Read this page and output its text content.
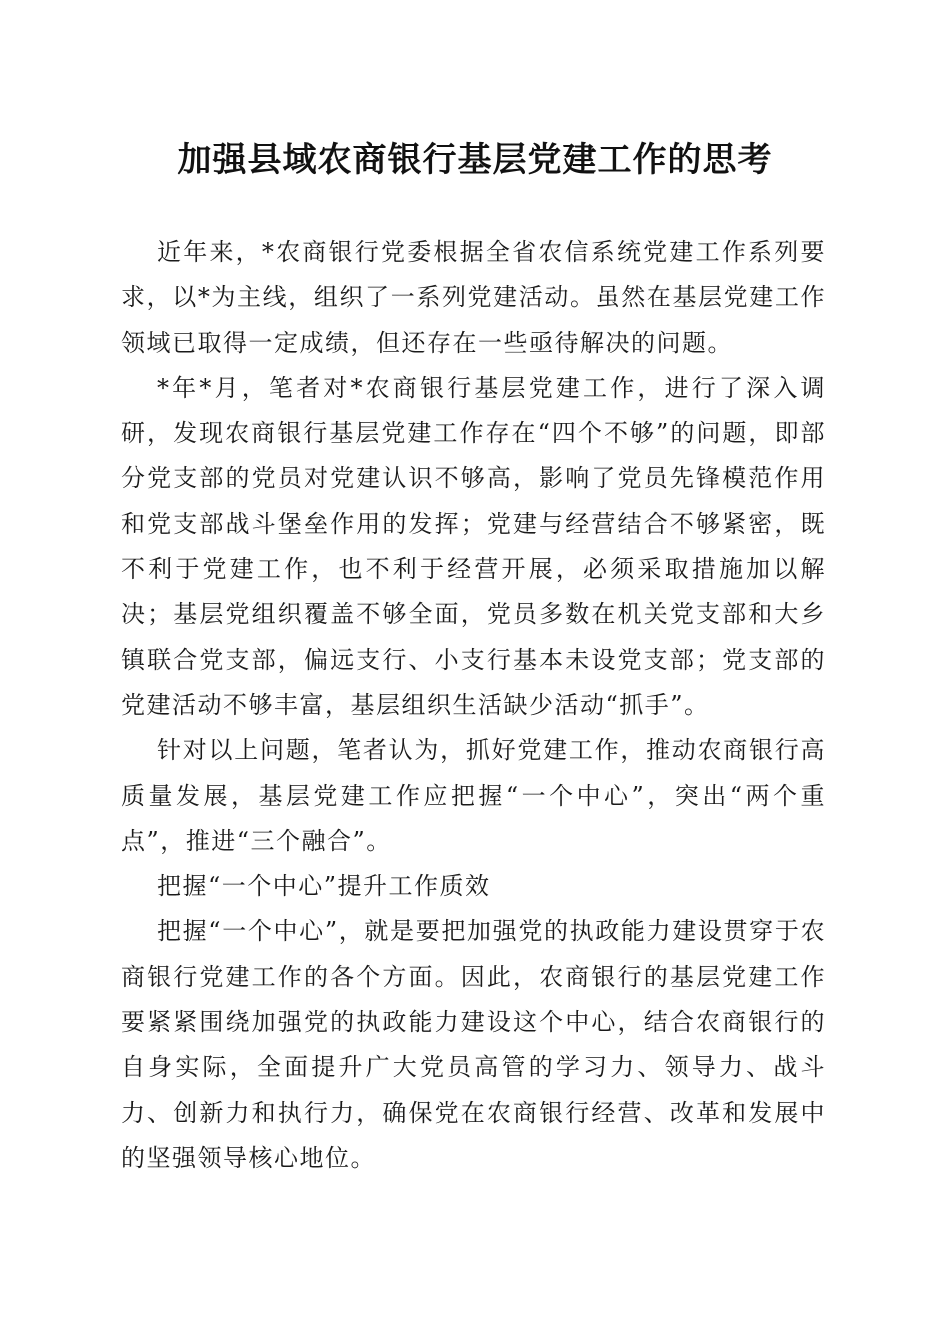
加强县域农商银行基层党建工作的思考

近年来，*农商银行党委根据全省农信系统党建工作系列要求，以*为主线，组织了一系列党建活动。虽然在基层党建工作领域已取得一定成绩，但还存在一些亟待解决的问题。

*年*月，笔者对*农商银行基层党建工作，进行了深入调研，发现农商银行基层党建工作存在“四个不够”的问题，即部分党支部的党员对党建认识不够高，影响了党员先锋模范作用和党支部战斗堡垒作用的发挥；党建与经营结合不够紧密，既不利于党建工作，也不利于经营开展，必须采取措施加以解决；基层党组织覆盖不够全面，党员多数在机关党支部和大乡镇联合党支部，偏远支行、小支行基本未设党支部；党支部的党建活动不够丰富，基层组织生活缺少活动“抓手”。

针对以上问题，笔者认为，抓好党建工作，推动农商银行高质量发展，基层党建工作应把握“一个中心”，突出“两个重点”，推进“三个融合”。

把握“一个中心”提升工作质效

把握“一个中心”，就是要把加强党的执政能力建设贯穿于农商银行党建工作的各个方面。因此，农商银行的基层党建工作要紧紧围绕加强党的执政能力建设这个中心，结合农商银行的自身实际，全面提升广大党员高管的学习力、领导力、战斗力、创新力和执行力，确保党在农商银行经营、改革和发展中的坚强领导核心地位。
